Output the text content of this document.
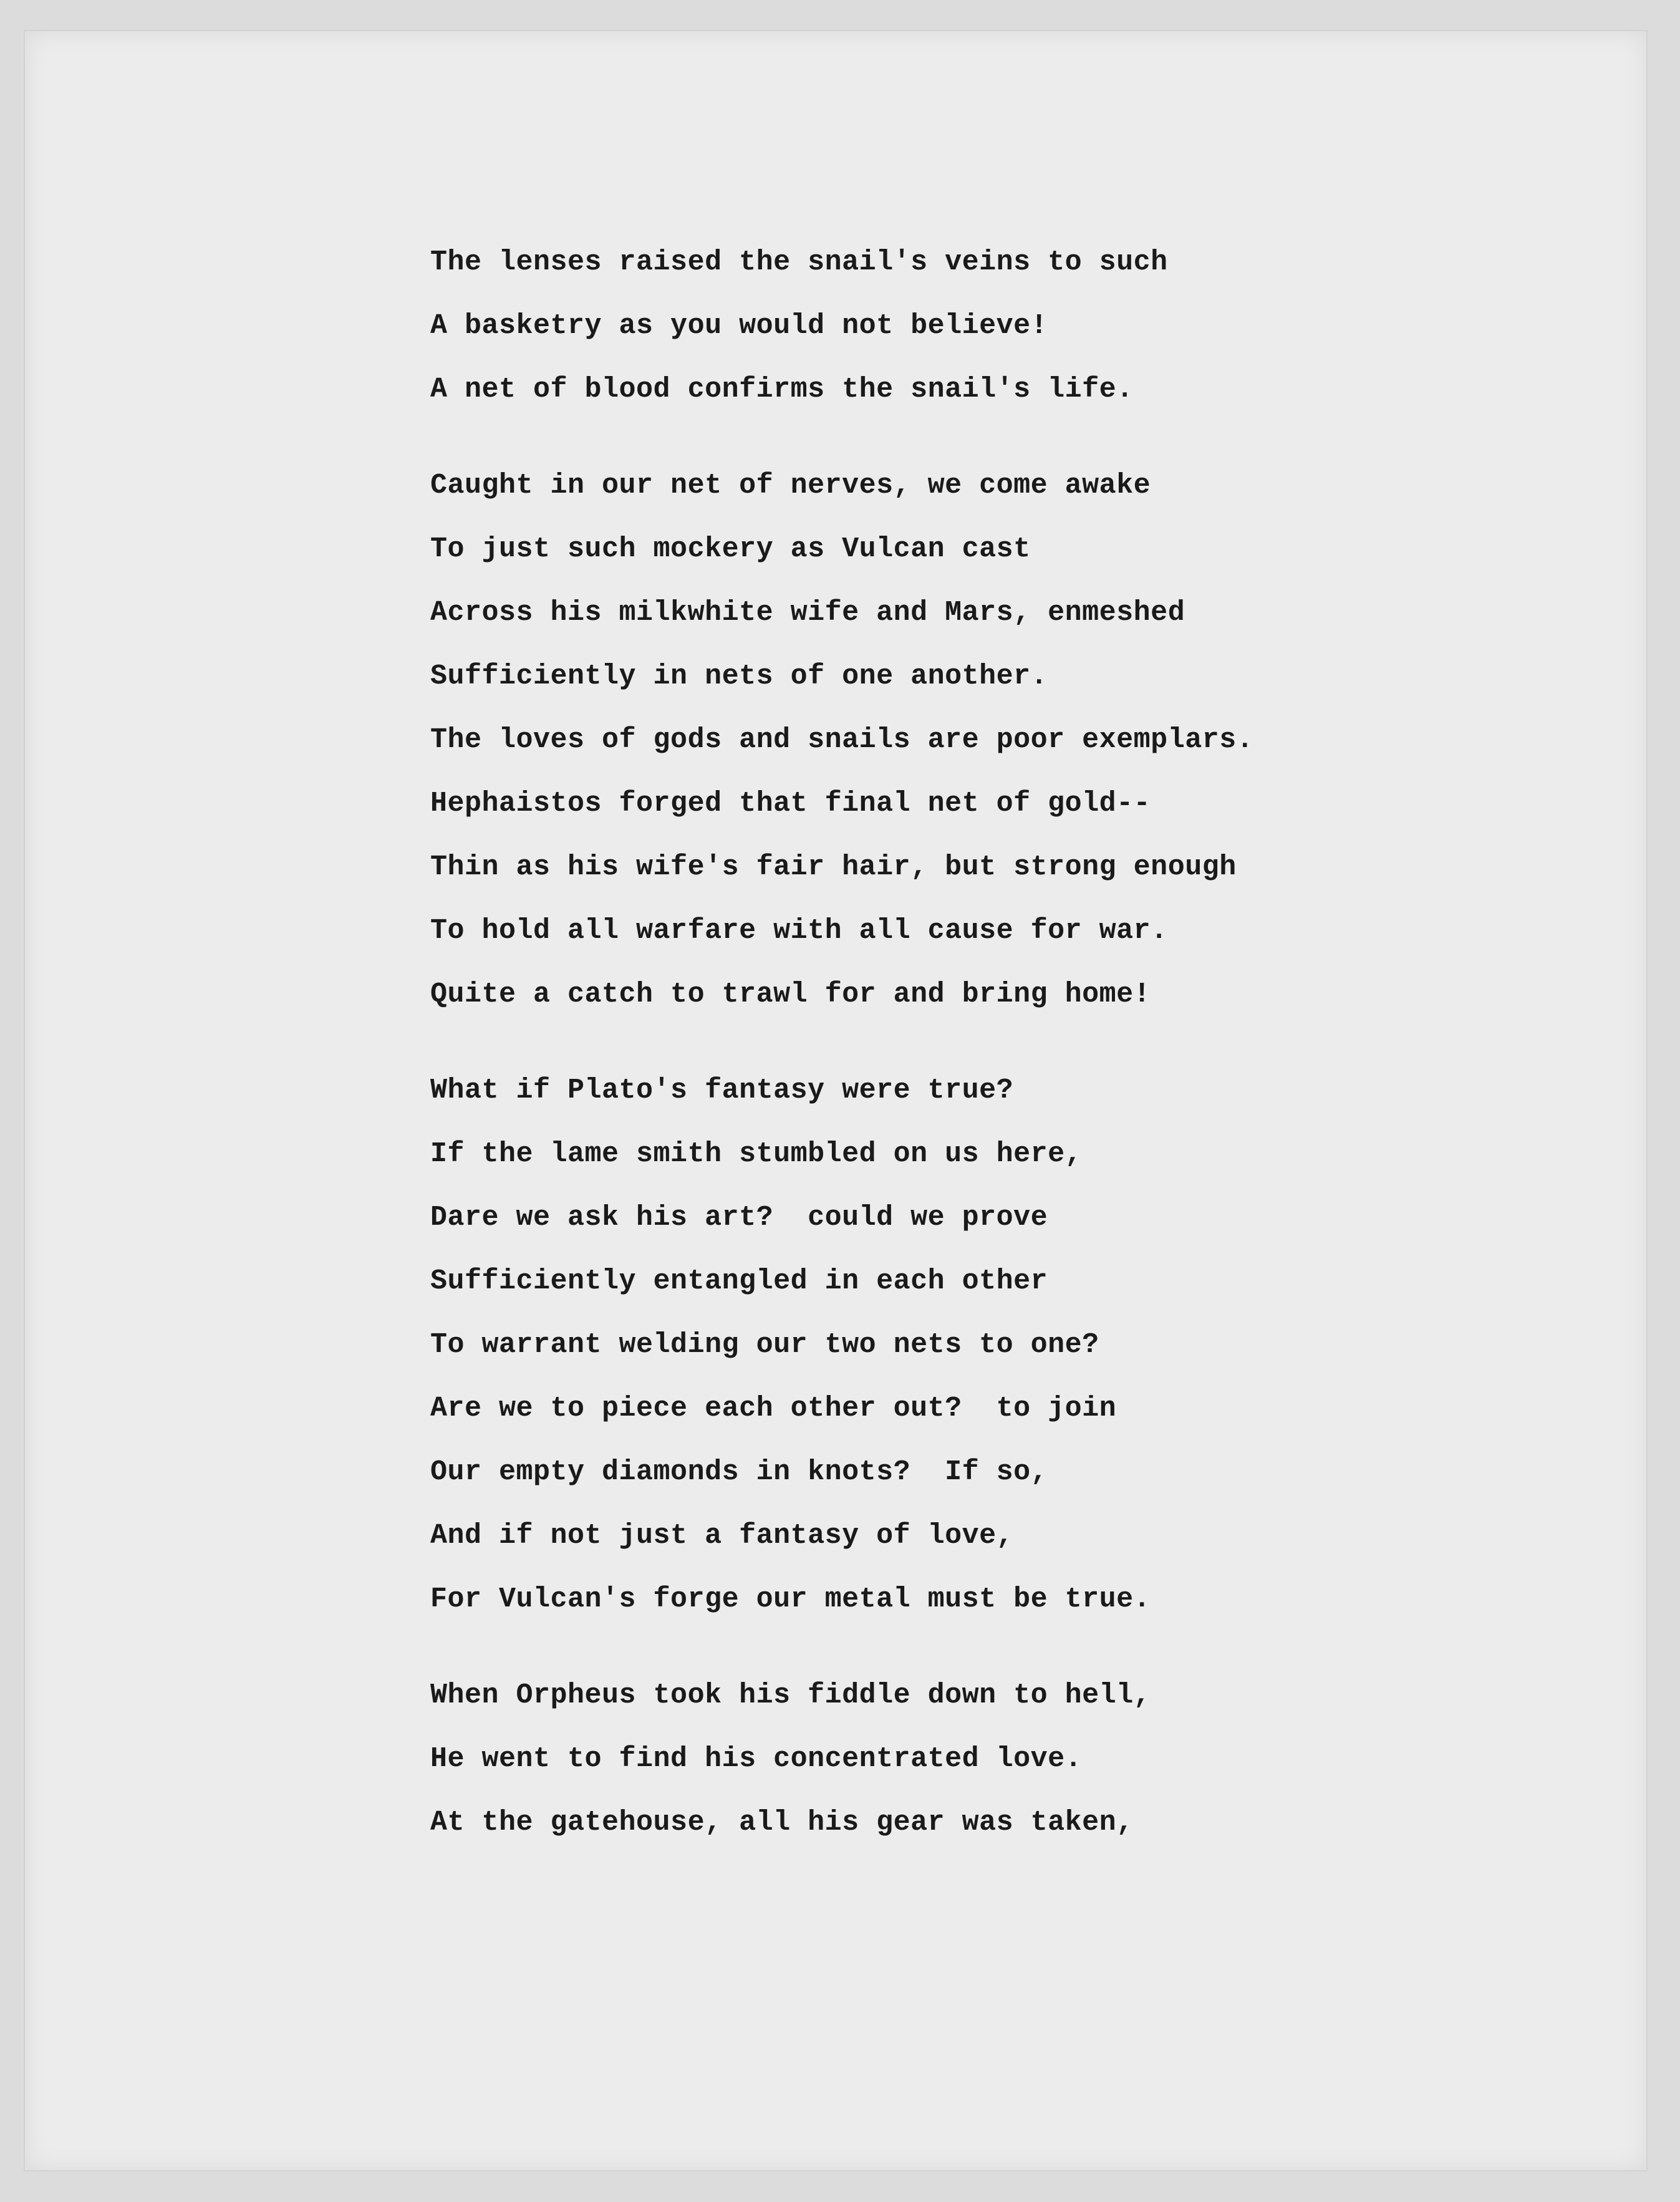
The lenses raised the snail's veins to such
A basketry as you would not believe!
A net of blood confirms the snail's life.
Caught in our net of nerves, we come awake
To just such mockery as Vulcan cast
Across his milkwhite wife and Mars, enmeshed
Sufficiently in nets of one another.
The loves of gods and snails are poor exemplars.
Hephaistos forged that final net of gold--
Thin as his wife's fair hair, but strong enough
To hold all warfare with all cause for war.
Quite a catch to trawl for and bring home!
What if Plato's fantasy were true?
If the lame smith stumbled on us here,
Dare we ask his art?  could we prove
Sufficiently entangled in each other
To warrant welding our two nets to one?
Are we to piece each other out?  to join
Our empty diamonds in knots?  If so,
And if not just a fantasy of love,
For Vulcan's forge our metal must be true.
When Orpheus took his fiddle down to hell,
He went to find his concentrated love.
At the gatehouse, all his gear was taken,
